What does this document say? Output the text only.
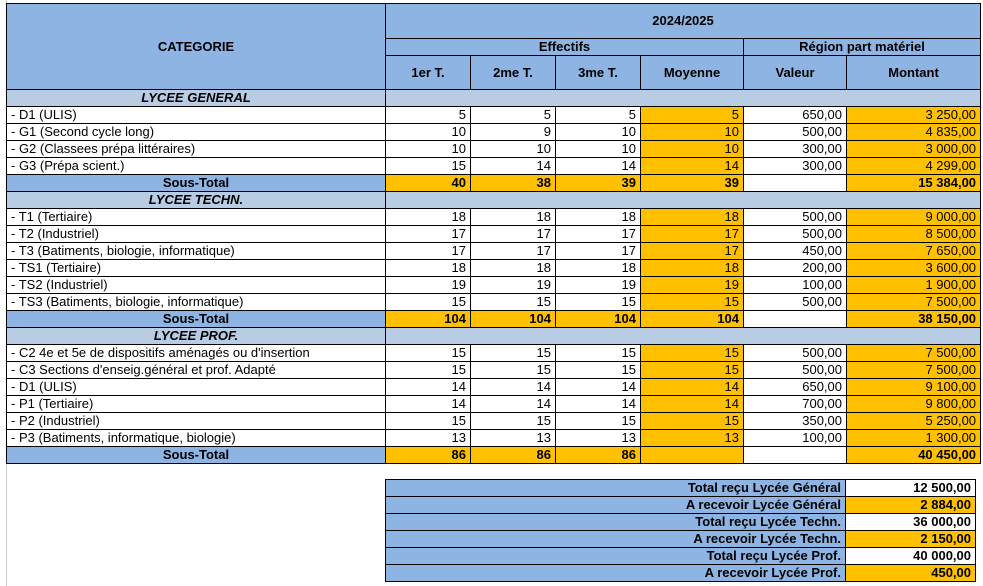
CATEGORIE	2024/2025					
	Effectifs				Région part matériel	
	1er T.	2me T.	3me T.	Moyenne	Valeur	Montant
LYCEE GENERAL						
- D1 (ULIS)	5	5	5	5	650,00	3 250,00
- G1 (Second cycle long)	10	9	10	10	500,00	4 835,00
- G2 (Classees prépa littéraires)	10	10	10	10	300,00	3 000,00
- G3 (Prépa scient.)	15	14	14	14	300,00	4 299,00
Sous-Total	40	38	39	39		15 384,00
LYCEE TECHN.						
- T1 (Tertiaire)	18	18	18	18	500,00	9 000,00
- T2 (Industriel)	17	17	17	17	500,00	8 500,00
- T3 (Batiments, biologie, informatique)	17	17	17	17	450,00	7 650,00
- TS1 (Tertiaire)	18	18	18	18	200,00	3 600,00
- TS2 (Industriel)	19	19	19	19	100,00	1 900,00
- TS3 (Batiments, biologie, informatique)	15	15	15	15	500,00	7 500,00
Sous-Total	104	104	104	104		38 150,00
LYCEE PROF.						
- C2 4e et 5e de dispositifs aménagés ou d'insertion	15	15	15	15	500,00	7 500,00
- C3 Sections d'enseig.général et prof. Adapté	15	15	15	15	500,00	7 500,00
- D1 (ULIS)	14	14	14	14	650,00	9 100,00
- P1 (Tertiaire)	14	14	14	14	700,00	9 800,00
- P2 (Industriel)	15	15	15	15	350,00	5 250,00
- P3 (Batiments, informatique, biologie)	13	13	13	13	100,00	1 300,00
Sous-Total	86	86	86			40 450,00
Total reçu Lycée Général	12 500,00
A recevoir Lycée Général	2 884,00
Total reçu Lycée Techn.	36 000,00
A recevoir Lycée Techn.	2 150,00
Total reçu Lycée Prof.	40 000,00
A recevoir Lycée Prof.	450,00
